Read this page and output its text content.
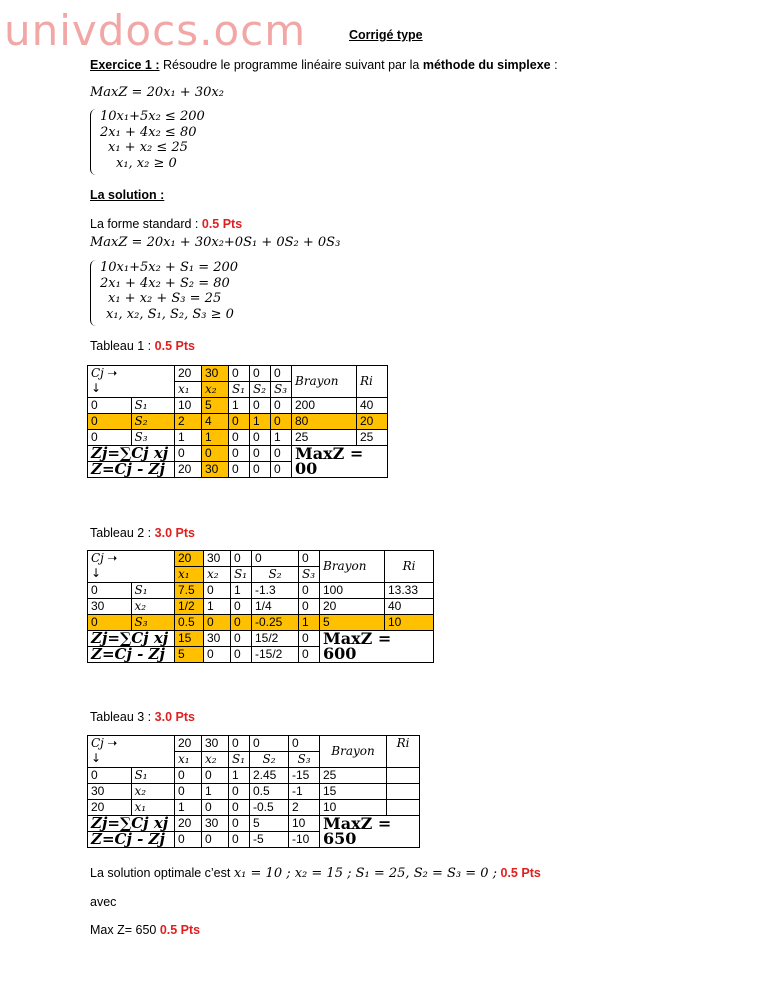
univdocs.ocm	Corrigé type
Exercice 1 : Résoudre le programme linéaire suivant par la méthode du simplexe :
MaxZ = 20x₁ + 30x₂
10x₁+5x₂ ≤ 200
2x₁ + 4x₂ ≤ 80
x₁ + x₂ ≤ 25
x₁, x₂ ≥ 0
La solution :
La forme standard : 0.5 Pts
MaxZ = 20x₁ + 30x₂+0S₁ + 0S₂ + 0S₃
10x₁+5x₂ + S₁ = 200
2x₁ + 4x₂ + S₂ = 80
x₁ + x₂ + S₃ = 25
x₁, x₂, S₁, S₂, S₃ ≥ 0
Tableau 1 : 0.5 Pts
Cj ➝
↓		20	30	0	0	0	Brayon	Ri
		x₁	x₂	S₁	S₂	S₃		
0	S₁	10	5	1	0	0	200	40
0	S₂	2	4	0	1	0	80	20
0	S₃	1	1	0	0	1	25	25
Zj=∑Cj xj		0	0	0	0	0	MaxZ = 00	
Z=Cj - Zj		20	30	0	0	0		
Tableau 2 : 3.0 Pts
Cj ➝
↓		20	30	0	0	0	Brayon	Ri
		x₁	x₂	S₁	S₂	S₃		
0	S₁	7.5	0	1	-1.3	0	100	13.33
30	x₂	1/2	1	0	1/4	0	20	40
0	S₃	0.5	0	0	-0.25	1	5	10
Zj=∑Cj xj		15	30	0	15/2	0	MaxZ = 600	
Z=Cj - Zj		5	0	0	-15/2	0		
Tableau 3 : 3.0 Pts
Cj ➝
↓		20	30	0	0	0	Brayon	Ri
		x₁	x₂	S₁	S₂	S₃		
0	S₁	0	0	1	2.45	-15	25	
30	x₂	0	1	0	0.5	-1	15	
20	x₁	1	0	0	-0.5	2	10	
Zj=∑Cj xj		20	30	0	5	10	MaxZ = 650	
Z=Cj - Zj		0	0	0	-5	-10		
La solution optimale c’est x₁ = 10 ; x₂ = 15 ; S₁ = 25, S₂ = S₃ = 0 ; 0.5 Pts
avec
Max Z= 650 0.5 Pts
